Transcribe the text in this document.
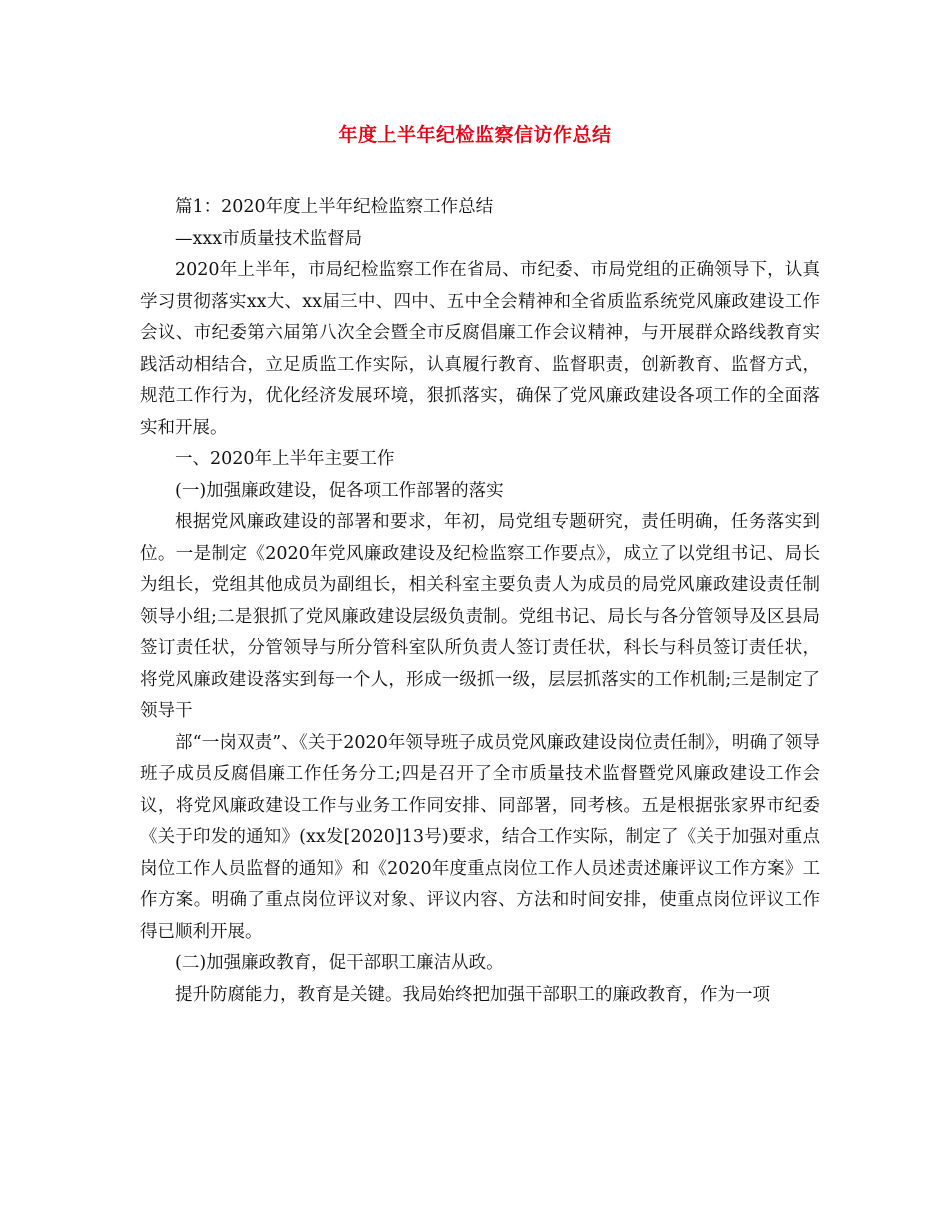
年度上半年纪检监察信访作总结

篇1：2020年度上半年纪检监察工作总结

—xxx市质量技术监督局

2020年上半年，市局纪检监察工作在省局、市纪委、市局党组的正确领导下，认真学习贯彻落实xx大、xx届三中、四中、五中全会精神和全省质监系统党风廉政建设工作会议、市纪委第六届第八次全会暨全市反腐倡廉工作会议精神，与开展群众路线教育实践活动相结合，立足质监工作实际，认真履行教育、监督职责，创新教育、监督方式，规范工作行为，优化经济发展环境，狠抓落实，确保了党风廉政建设各项工作的全面落实和开展。

一、2020年上半年主要工作

(一)加强廉政建设，促各项工作部署的落实

根据党风廉政建设的部署和要求，年初，局党组专题研究，责任明确，任务落实到位。一是制定《2020年党风廉政建设及纪检监察工作要点》，成立了以党组书记、局长为组长，党组其他成员为副组长，相关科室主要负责人为成员的局党风廉政建设责任制领导小组;二是狠抓了党风廉政建设层级负责制。党组书记、局长与各分管领导及区县局签订责任状，分管领导与所分管科室队所负责人签订责任状，科长与科员签订责任状，将党风廉政建设落实到每一个人，形成一级抓一级，层层抓落实的工作机制;三是制定了领导干

部“一岗双责”、《关于2020年领导班子成员党风廉政建设岗位责任制》，明确了领导班子成员反腐倡廉工作任务分工;四是召开了全市质量技术监督暨党风廉政建设工作会议，将党风廉政建设工作与业务工作同安排、同部署，同考核。五是根据张家界市纪委《关于印发的通知》(xx发[2020]13号)要求，结合工作实际，制定了《关于加强对重点岗位工作人员监督的通知》和《2020年度重点岗位工作人员述责述廉评议工作方案》工作方案。明确了重点岗位评议对象、评议内容、方法和时间安排，使重点岗位评议工作得已顺利开展。

(二)加强廉政教育，促干部职工廉洁从政。

提升防腐能力，教育是关键。我局始终把加强干部职工的廉政教育，作为一项
